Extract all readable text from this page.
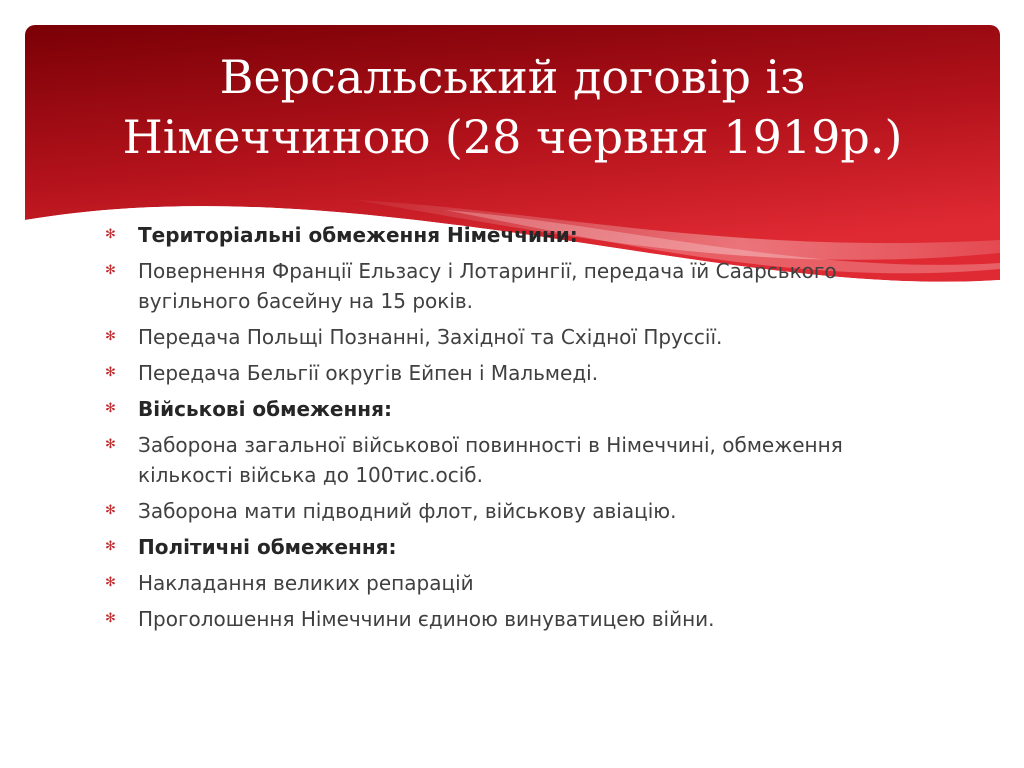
Версальський договір із
Німеччиною (28 червня 1919р.)
✻ Територіальні обмеження Німеччини:
✻ Повернення Франції Ельзасу і Лотарингії, передача їй Саарського вугільного басейну на 15 років.
✻ Передача Польщі Познанні, Західної та Східної Пруссії.
✻ Передача Бельгії округів Ейпен і Мальмеді.
✻ Військові обмеження:
✻ Заборона загальної військової повинності в Німеччині, обмеження кількості війська до 100тис.осіб.
✻ Заборона мати підводний флот, військову авіацію.
✻ Політичні обмеження:
✻ Накладання великих репарацій
✻ Проголошення Німеччини єдиною винуватицею війни.
